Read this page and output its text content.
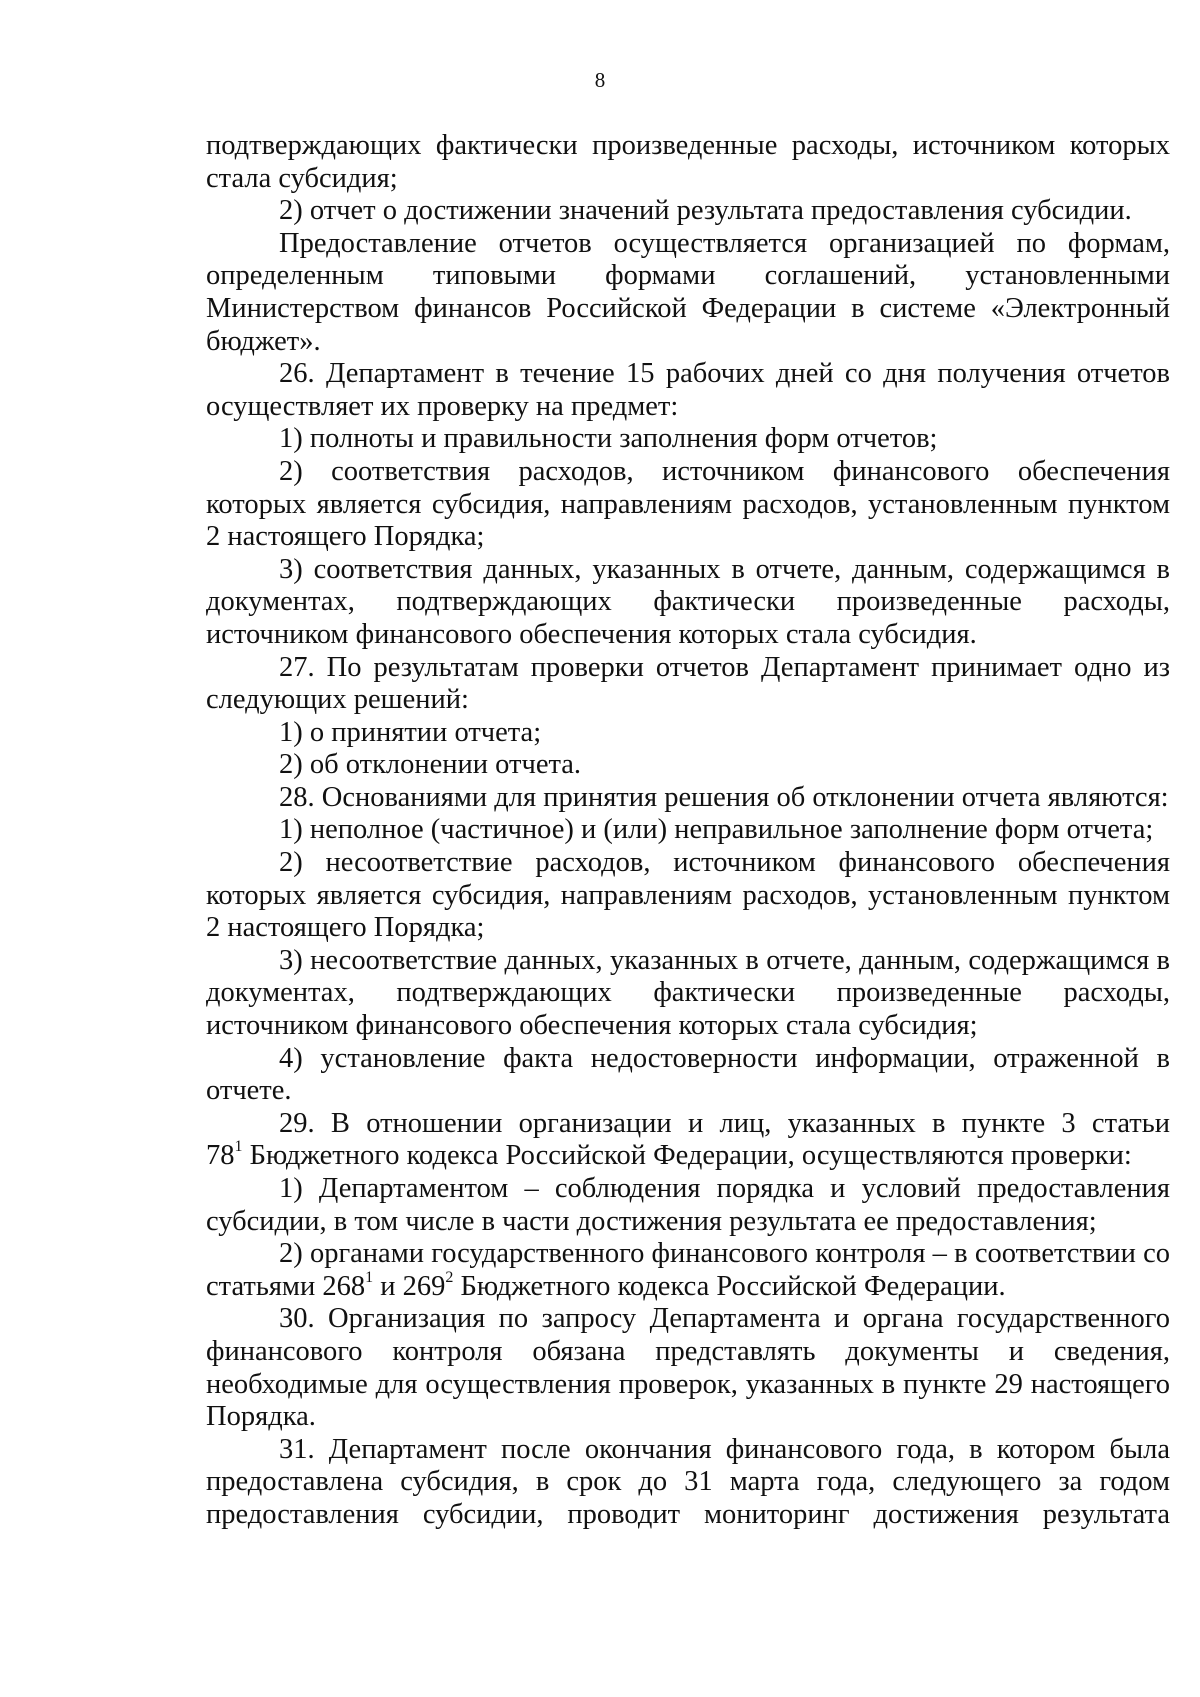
8

подтверждающих фактически произведенные расходы, источником которых стала субсидия;

2) отчет о достижении значений результата предоставления субсидии.

Предоставление отчетов осуществляется организацией по формам, определенным типовыми формами соглашений, установленными Министерством финансов Российской Федерации в системе «Электронный бюджет».

26. Департамент в течение 15 рабочих дней со дня получения отчетов осуществляет их проверку на предмет:

1) полноты и правильности заполнения форм отчетов;

2) соответствия расходов, источником финансового обеспечения которых является субсидия, направлениям расходов, установленным пунктом 2 настоящего Порядка;

3) соответствия данных, указанных в отчете, данным, содержащимся в документах, подтверждающих фактически произведенные расходы, источником финансового обеспечения которых стала субсидия.

27. По результатам проверки отчетов Департамент принимает одно из следующих решений:

1) о принятии отчета;

2) об отклонении отчета.

28. Основаниями для принятия решения об отклонении отчета являются:

1) неполное (частичное) и (или) неправильное заполнение форм отчета;

2) несоответствие расходов, источником финансового обеспечения которых является субсидия, направлениям расходов, установленным пунктом 2 настоящего Порядка;

3) несоответствие данных, указанных в отчете, данным, содержащимся в документах, подтверждающих фактически произведенные расходы, источником финансового обеспечения которых стала субсидия;

4) установление факта недостоверности информации, отраженной в отчете.

29. В отношении организации и лиц, указанных в пункте 3 статьи

$78^1$ Бюджетного кодекса Российской Федерации, осуществляются проверки:

1) Департаментом – соблюдения порядка и условий предоставления субсидии, в том числе в части достижения результата ее предоставления;

2) органами государственного финансового контроля – в соответствии со статьями $268^1$ и $269^2$ Бюджетного кодекса Российской Федерации.

30. Организация по запросу Департамента и органа государственного финансового контроля обязана представлять документы и сведения, необходимые для осуществления проверок, указанных в пункте 29 настоящего Порядка.

31. Департамент после окончания финансового года, в котором была предоставлена субсидия, в срок до 31 марта года, следующего за годом предоставления субсидии, проводит мониторинг достижения результата
